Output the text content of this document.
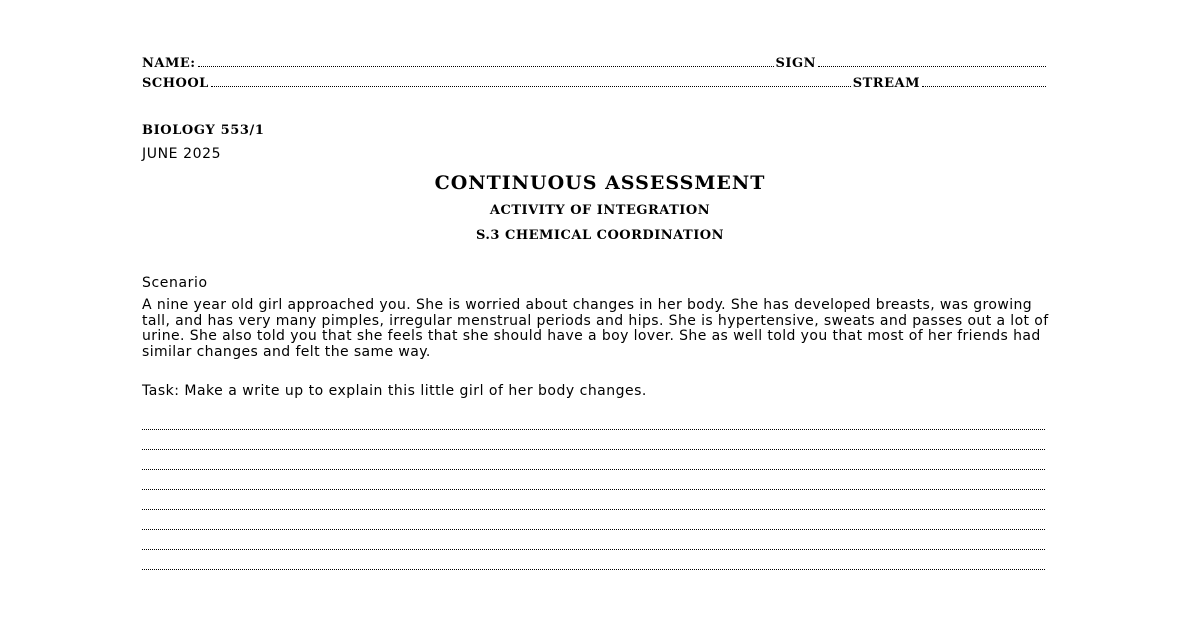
NAME:	SIGN
SCHOOL	STREAM
BIOLOGY 553/1
JUNE 2025
CONTINUOUS ASSESSMENT
ACTIVITY OF INTEGRATION
S.3 CHEMICAL COORDINATION
Scenario
A nine year old girl approached you. She is worried about changes in her body. She has developed breasts, was growing tall, and has very many pimples, irregular menstrual periods and hips. She is hypertensive, sweats and passes out a lot of urine. She also told you that she feels that she should have a boy lover. She as well told you that most of her friends had similar changes and felt the same way.
Task: Make a write up to explain this little girl of her body changes.
